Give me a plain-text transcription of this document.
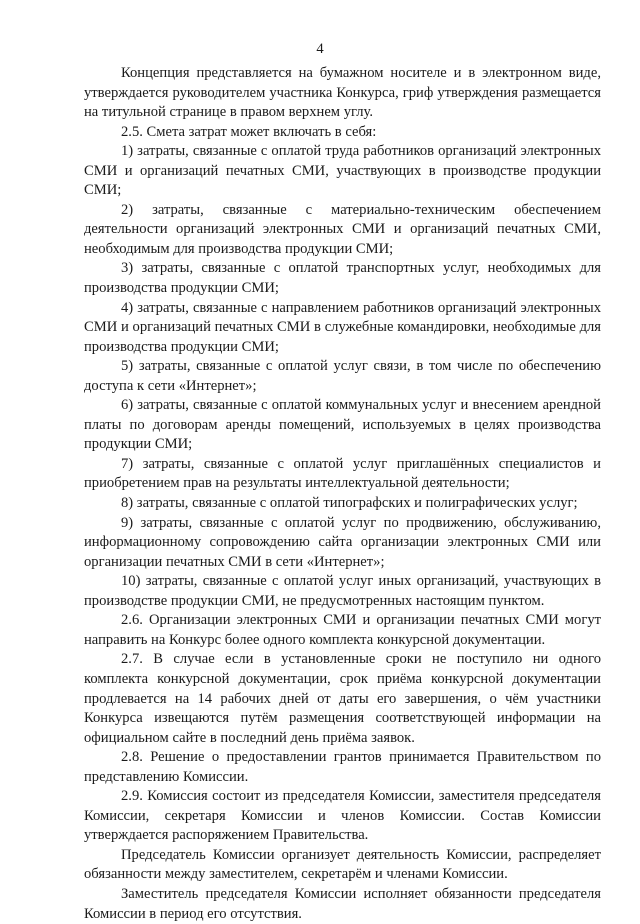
4

Концепция представляется на бумажном носителе и в электронном виде, утверждается руководителем участника Конкурса, гриф утверждения размещается на титульной странице в правом верхнем углу.

2.5. Смета затрат может включать в себя:

1) затраты, связанные с оплатой труда работников организаций электронных СМИ и организаций печатных СМИ, участвующих в производстве продукции СМИ;

2) затраты, связанные с материально-техническим обеспечением деятельности организаций электронных СМИ и организаций печатных СМИ, необходимым для производства продукции СМИ;

3) затраты, связанные с оплатой транспортных услуг, необходимых для производства продукции СМИ;

4) затраты, связанные с направлением работников организаций электронных СМИ и организаций печатных СМИ в служебные командировки, необходимые для производства продукции СМИ;

5) затраты, связанные с оплатой услуг связи, в том числе по обеспечению доступа к сети «Интернет»;

6) затраты, связанные с оплатой коммунальных услуг и внесением арендной платы по договорам аренды помещений, используемых в целях производства продукции СМИ;

7) затраты, связанные с оплатой услуг приглашённых специалистов и приобретением прав на результаты интеллектуальной деятельности;

8) затраты, связанные с оплатой типографских и полиграфических услуг;

9) затраты, связанные с оплатой услуг по продвижению, обслуживанию, информационному сопровождению сайта организации электронных СМИ или организации печатных СМИ в сети «Интернет»;

10) затраты, связанные с оплатой услуг иных организаций, участвующих в производстве продукции СМИ, не предусмотренных настоящим пунктом.

2.6. Организации электронных СМИ и организации печатных СМИ могут направить на Конкурс более одного комплекта конкурсной документации.

2.7. В случае если в установленные сроки не поступило ни одного комплекта конкурсной документации, срок приёма конкурсной документации продлевается на 14 рабочих дней от даты его завершения, о чём участники Конкурса извещаются путём размещения соответствующей информации на официальном сайте в последний день приёма заявок.

2.8. Решение о предоставлении грантов принимается Правительством по представлению Комиссии.

2.9. Комиссия состоит из председателя Комиссии, заместителя председателя Комиссии, секретаря Комиссии и членов Комиссии. Состав Комиссии утверждается распоряжением Правительства.

Председатель Комиссии организует деятельность Комиссии, распределяет обязанности между заместителем, секретарём и членами Комиссии.

Заместитель председателя Комиссии исполняет обязанности председателя Комиссии в период его отсутствия.
